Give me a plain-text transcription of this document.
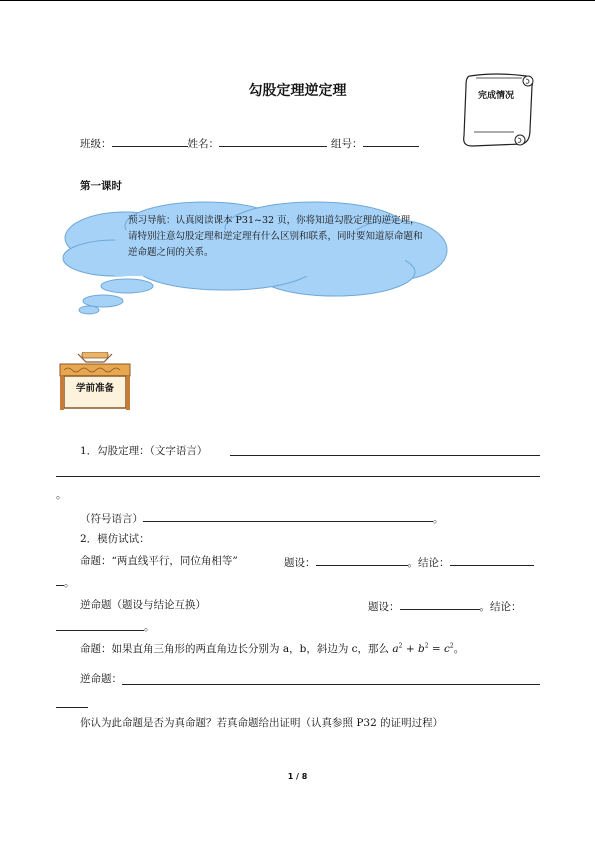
勾股定理逆定理	完成情况
班级：	姓名：	组号：
第一课时
预习导航：认真阅读课本 P31~32 页，你将知道勾股定理的逆定理，请特别注意勾股定理和逆定理有什么区别和联系，同时要知道原命题和逆命题之间的关系。
学前准备
1．勾股定理：（文字语言）
。
（符号语言）	。
2．模仿试试：
命题：“两直线平行，同位角相等”	题设：	。结论：
。
逆命题（题设与结论互换）	题设：	。结论：
。
命题：如果直角三角形的两直角边长分别为 a，b，斜边为 c，那么 $a^2 + b^2 = c^2$。
逆命题：
你认为此命题是否为真命题？若真命题给出证明（认真参照 P32 的证明过程）
1 / 8
